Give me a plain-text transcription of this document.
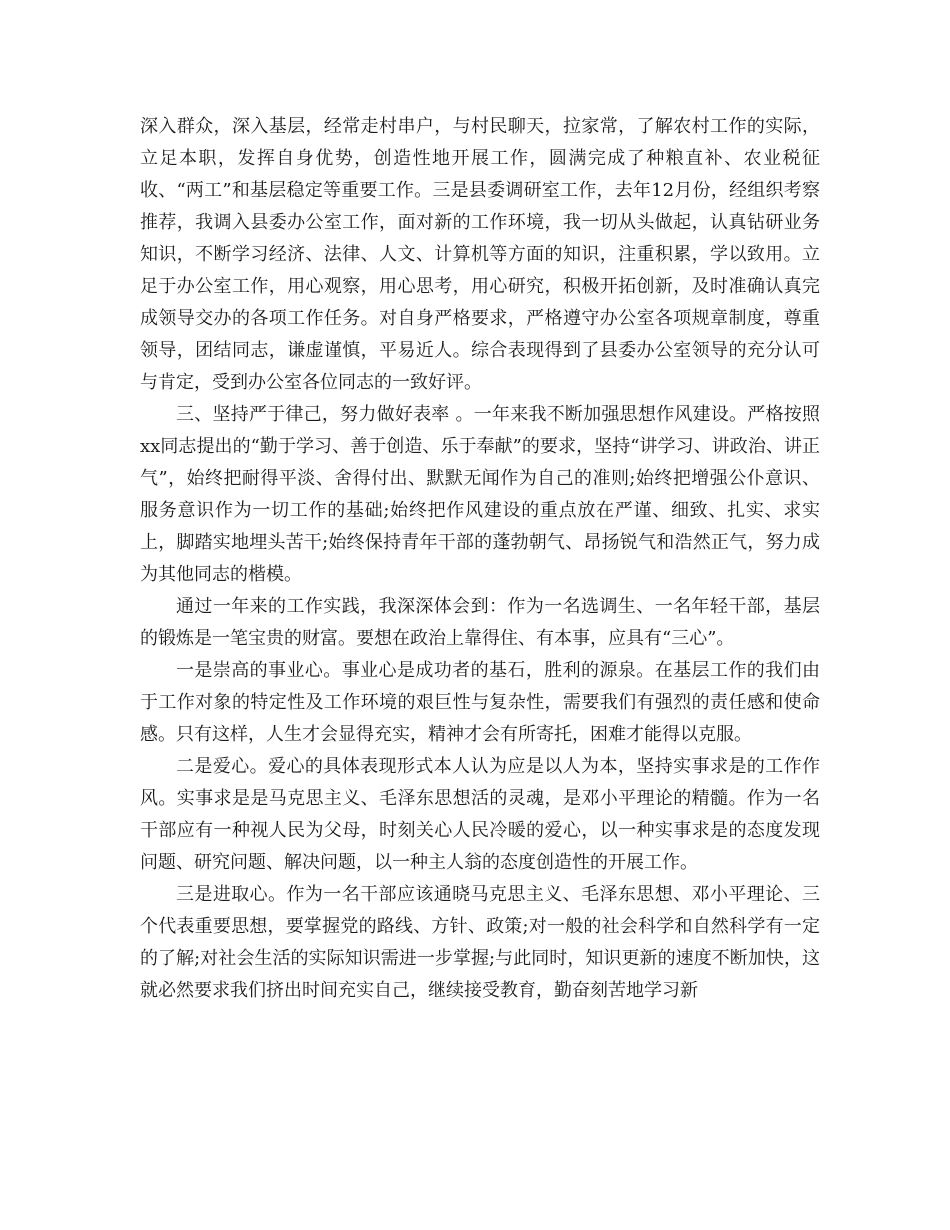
深入群众，深入基层，经常走村串户，与村民聊天，拉家常，了解农村工作的实际，立足本职，发挥自身优势，创造性地开展工作，圆满完成了种粮直补、农业税征收、“两工”和基层稳定等重要工作。三是县委调研室工作，去年12月份，经组织考察推荐，我调入县委办公室工作，面对新的工作环境，我一切从头做起，认真钻研业务知识，不断学习经济、法律、人文、计算机等方面的知识，注重积累，学以致用。立足于办公室工作，用心观察，用心思考，用心研究，积极开拓创新，及时准确认真完成领导交办的各项工作任务。对自身严格要求，严格遵守办公室各项规章制度，尊重领导，团结同志，谦虚谨慎，平易近人。综合表现得到了县委办公室领导的充分认可与肯定，受到办公室各位同志的一致好评。

三、坚持严于律己，努力做好表率 。一年来我不断加强思想作风建设。严格按照xx同志提出的“勤于学习、善于创造、乐于奉献”的要求，坚持“讲学习、讲政治、讲正气”，始终把耐得平淡、舍得付出、默默无闻作为自己的准则;始终把增强公仆意识、服务意识作为一切工作的基础;始终把作风建设的重点放在严谨、细致、扎实、求实上，脚踏实地埋头苦干;始终保持青年干部的蓬勃朝气、昂扬锐气和浩然正气，努力成为其他同志的楷模。

通过一年来的工作实践，我深深体会到：作为一名选调生、一名年轻干部，基层的锻炼是一笔宝贵的财富。要想在政治上靠得住、有本事，应具有“三心”。

一是崇高的事业心。事业心是成功者的基石，胜利的源泉。在基层工作的我们由于工作对象的特定性及工作环境的艰巨性与复杂性，需要我们有强烈的责任感和使命感。只有这样，人生才会显得充实，精神才会有所寄托，困难才能得以克服。

二是爱心。爱心的具体表现形式本人认为应是以人为本，坚持实事求是的工作作风。实事求是是马克思主义、毛泽东思想活的灵魂，是邓小平理论的精髓。作为一名干部应有一种视人民为父母，时刻关心人民冷暖的爱心，以一种实事求是的态度发现问题、研究问题、解决问题，以一种主人翁的态度创造性的开展工作。

三是进取心。作为一名干部应该通晓马克思主义、毛泽东思想、邓小平理论、三个代表重要思想，要掌握党的路线、方针、政策;对一般的社会科学和自然科学有一定的了解;对社会生活的实际知识需进一步掌握;与此同时，知识更新的速度不断加快，这就必然要求我们挤出时间充实自己，继续接受教育，勤奋刻苦地学习新
